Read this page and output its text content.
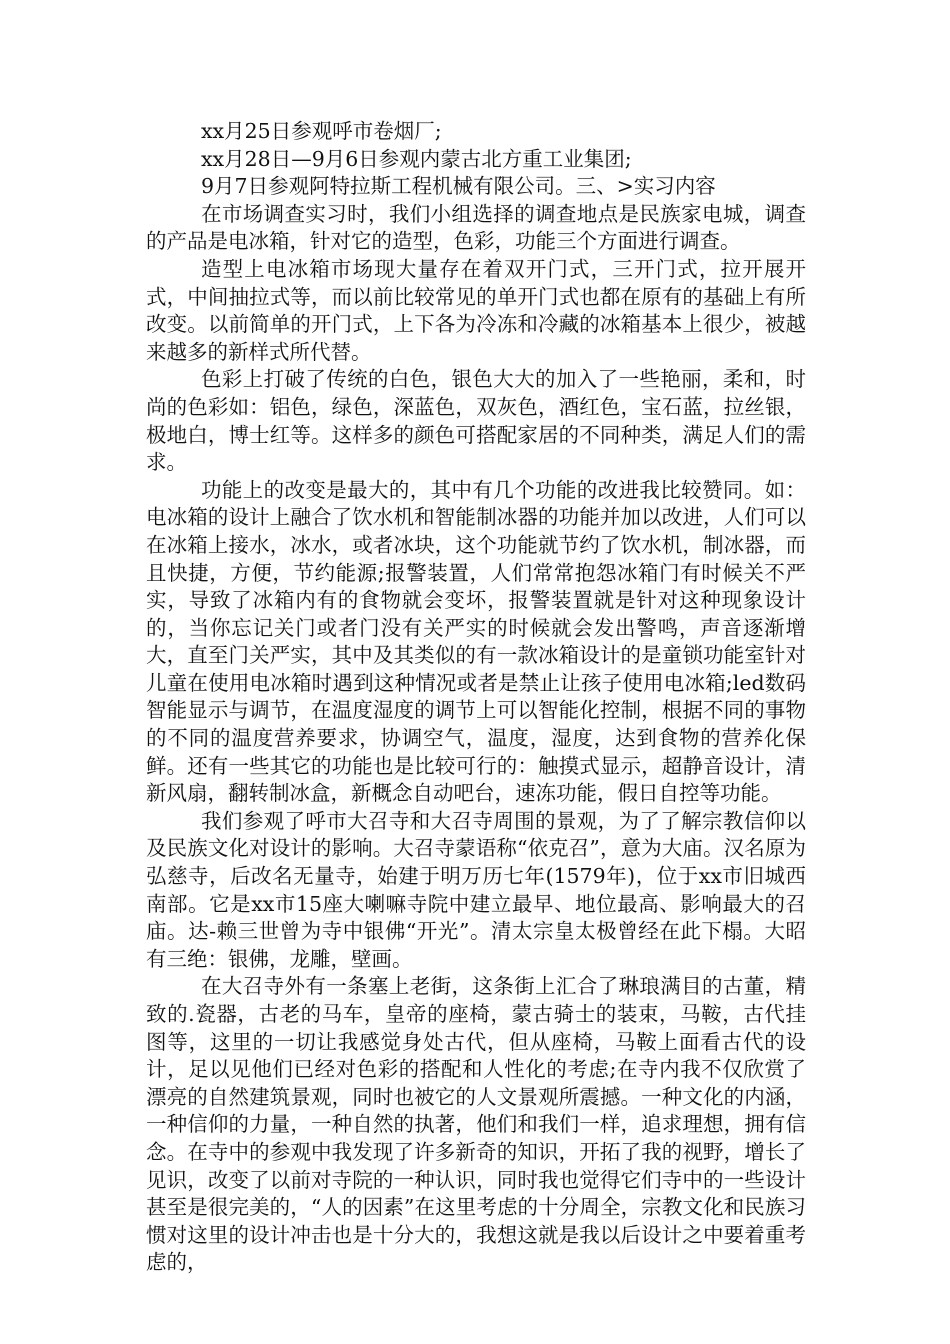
xx月25日参观呼市卷烟厂;

xx月28日—9月6日参观内蒙古北方重工业集团;

9月7日参观阿特拉斯工程机械有限公司。三、>实习内容

在市场调查实习时，我们小组选择的调查地点是民族家电城，调查的产品是电冰箱，针对它的造型，色彩，功能三个方面进行调查。

造型上电冰箱市场现大量存在着双开门式，三开门式，拉开展开式，中间抽拉式等，而以前比较常见的单开门式也都在原有的基础上有所改变。以前简单的开门式，上下各为冷冻和冷藏的冰箱基本上很少，被越来越多的新样式所代替。

色彩上打破了传统的白色，银色大大的加入了一些艳丽，柔和，时尚的色彩如：铝色，绿色，深蓝色，双灰色，酒红色，宝石蓝，拉丝银，极地白，博士红等。这样多的颜色可搭配家居的不同种类，满足人们的需求。

功能上的改变是最大的，其中有几个功能的改进我比较赞同。如：电冰箱的设计上融合了饮水机和智能制冰器的功能并加以改进，人们可以在冰箱上接水，冰水，或者冰块，这个功能就节约了饮水机，制冰器，而且快捷，方便，节约能源;报警装置，人们常常抱怨冰箱门有时候关不严实，导致了冰箱内有的食物就会变坏，报警装置就是针对这种现象设计的，当你忘记关门或者门没有关严实的时候就会发出警鸣，声音逐渐增大，直至门关严实，其中及其类似的有一款冰箱设计的是童锁功能室针对儿童在使用电冰箱时遇到这种情况或者是禁止让孩子使用电冰箱;led数码智能显示与调节，在温度湿度的调节上可以智能化控制，根据不同的事物的不同的温度营养要求，协调空气，温度，湿度，达到食物的营养化保鲜。还有一些其它的功能也是比较可行的：触摸式显示，超静音设计，清新风扇，翻转制冰盒，新概念自动吧台，速冻功能，假日自控等功能。

我们参观了呼市大召寺和大召寺周围的景观，为了了解宗教信仰以及民族文化对设计的影响。大召寺蒙语称“依克召”，意为大庙。汉名原为弘慈寺，后改名无量寺，始建于明万历七年(1579年)，位于xx市旧城西南部。它是xx市15座大喇嘛寺院中建立最早、地位最高、影响最大的召庙。达-赖三世曾为寺中银佛“开光”。清太宗皇太极曾经在此下榻。大昭有三绝：银佛，龙雕，壁画。

在大召寺外有一条塞上老街，这条街上汇合了琳琅满目的古董，精致的.瓷器，古老的马车，皇帝的座椅，蒙古骑士的装束，马鞍，古代挂图等，这里的一切让我感觉身处古代，但从座椅，马鞍上面看古代的设计，足以见他们已经对色彩的搭配和人性化的考虑;在寺内我不仅欣赏了漂亮的自然建筑景观，同时也被它的人文景观所震撼。一种文化的内涵，一种信仰的力量，一种自然的执著，他们和我们一样，追求理想，拥有信念。在寺中的参观中我发现了许多新奇的知识，开拓了我的视野，增长了见识，改变了以前对寺院的一种认识，同时我也觉得它们寺中的一些设计甚至是很完美的，“人的因素”在这里考虑的十分周全，宗教文化和民族习惯对这里的设计冲击也是十分大的，我想这就是我以后设计之中要着重考虑的，
